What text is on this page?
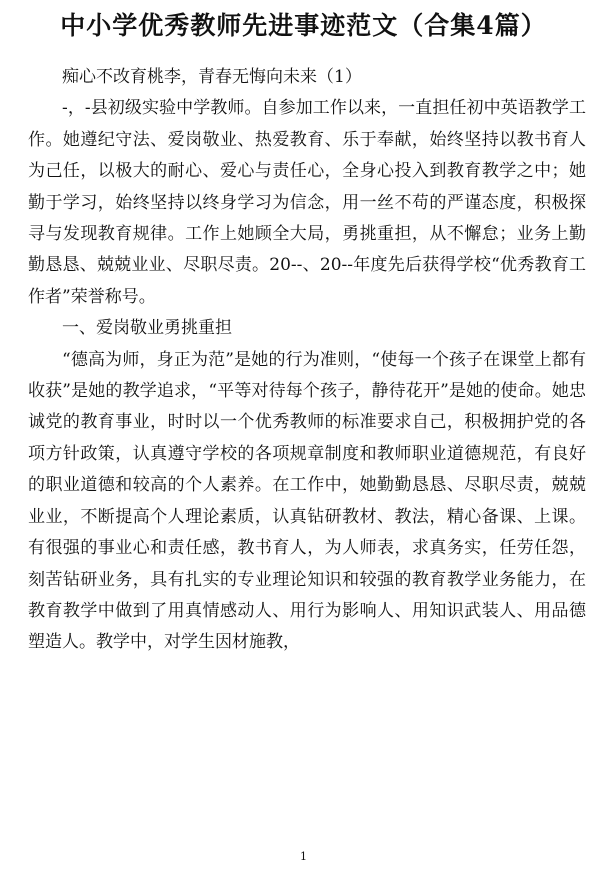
中小学优秀教师先进事迹范文（合集4篇）

痴心不改育桃李，青春无悔向未来（1）

-，-县初级实验中学教师。自参加工作以来，一直担任初中英语教学工作。她遵纪守法、爱岗敬业、热爱教育、乐于奉献，始终坚持以教书育人为己任，以极大的耐心、爱心与责任心，全身心投入到教育教学之中；她勤于学习，始终坚持以终身学习为信念，用一丝不苟的严谨态度，积极探寻与发现教育规律。工作上她顾全大局，勇挑重担，从不懈怠；业务上勤勤恳恳、兢兢业业、尽职尽责。20--、20--年度先后获得学校“优秀教育工作者”荣誉称号。

一、爱岗敬业勇挑重担

“德高为师，身正为范”是她的行为准则，“使每一个孩子在课堂上都有收获”是她的教学追求，“平等对待每个孩子，静待花开”是她的使命。她忠诚党的教育事业，时时以一个优秀教师的标准要求自己，积极拥护党的各项方针政策，认真遵守学校的各项规章制度和教师职业道德规范，有良好的职业道德和较高的个人素养。在工作中，她勤勤恳恳、尽职尽责，兢兢业业，不断提高个人理论素质，认真钻研教材、教法，精心备课、上课。有很强的事业心和责任感，教书育人，为人师表，求真务实，任劳任怨，刻苦钻研业务，具有扎实的专业理论知识和较强的教育教学业务能力，在教育教学中做到了用真情感动人、用行为影响人、用知识武装人、用品德塑造人。教学中，对学生因材施教，

1
